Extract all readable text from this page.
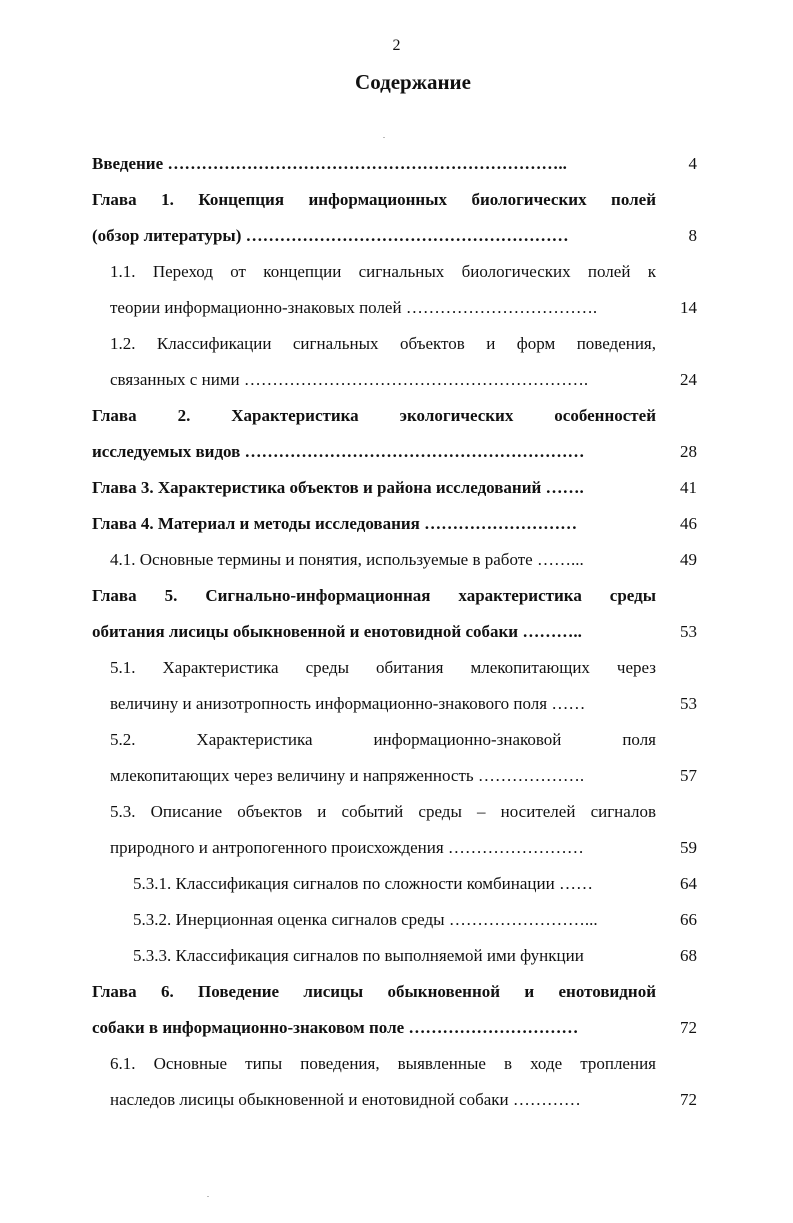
2
Содержание
Введение ……………………………………………………………..	4
Глава 1. Концепция информационных биологических полей
(обзор литературы) …………………………………………………	8
1.1. Переход от концепции сигнальных биологических полей к
теории информационно-знаковых полей …………………………….	14
1.2. Классификации сигнальных объектов и форм поведения,
связанных с ними …………………………………………………….	24
Глава 2. Характеристика экологических особенностей
исследуемых видов ……………………………………………………	28
Глава 3. Характеристика объектов и района исследований …….	41
Глава 4. Материал и методы исследования ………………………	46
4.1. Основные термины и понятия, используемые в работе ……...	49
Глава 5. Сигнально-информационная характеристика среды
обитания лисицы обыкновенной и енотовидной собаки ………..	53
5.1. Характеристика среды обитания млекопитающих через
величину и анизотропность информационно-знакового поля ……	53
5.2. Характеристика информационно-знаковой поля
млекопитающих через величину и напряженность ……………….	57
5.3. Описание объектов и событий среды – носителей сигналов
природного и антропогенного происхождения ……………………	59
5.3.1. Классификация сигналов по сложности комбинации ……	64
5.3.2. Инерционная оценка сигналов среды ……………………...	66
5.3.3. Классификация сигналов по выполняемой ими функции	68
Глава 6. Поведение лисицы обыкновенной и енотовидной
собаки в информационно-знаковом поле …………………………	72
6.1. Основные типы поведения, выявленные в ходе тропления
наследов лисицы обыкновенной и енотовидной собаки …………	72
